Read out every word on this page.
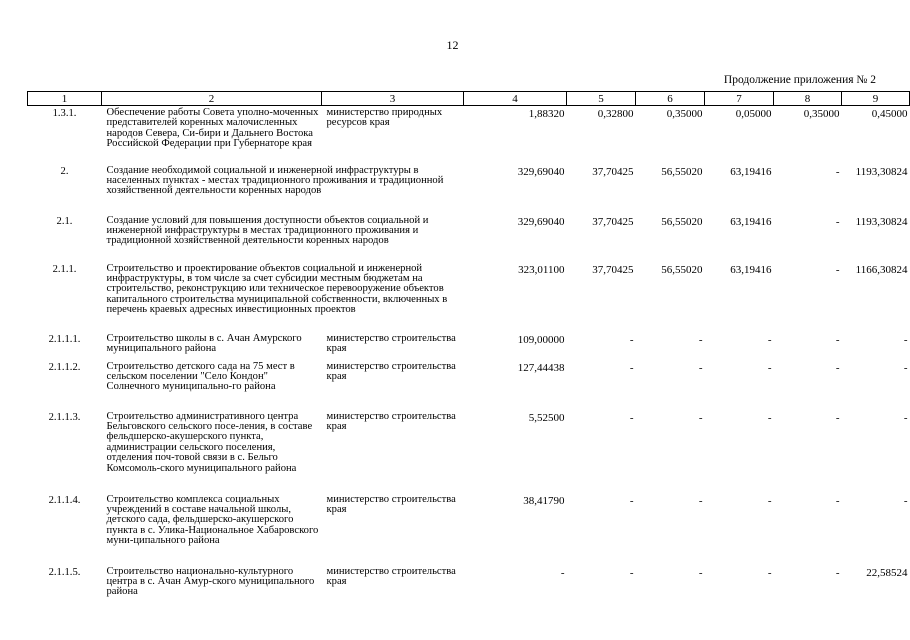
12
Продолжение приложения № 2
1	2	3	4	5	6	7	8	9
1.3.1.	Обеспечение работы Совета уполно-моченных представителей коренных малочисленных народов Севера, Си-бири и Дальнего Востока Российской Федерации при Губернаторе края	министерство природных ресурсов края	1,88320	0,32800	0,35000	0,05000	0,35000	0,45000
2.	Создание необходимой социальной и инженерной инфраструктуры в населенных пунктах - местах традиционного проживания и традиционной хозяйственной деятельности коренных народов		329,69040	37,70425	56,55020	63,19416	-	1193,30824
2.1.	Создание условий для повышения доступности объектов социальной и инженерной инфраструктуры в местах традиционного проживания и традиционной хозяйственной деятельности коренных народов		329,69040	37,70425	56,55020	63,19416	-	1193,30824
2.1.1.	Строительство и проектирование объектов социальной и инженерной инфраструктуры, в том числе за счет субсидии местным бюджетам на строительство, реконструкцию или техническое перевооружение объектов капитального строительства муниципальной собственности, включенных в перечень краевых адресных инвестиционных проектов		323,01100	37,70425	56,55020	63,19416	-	1166,30824
2.1.1.1.	Строительство школы в с. Ачан Амурского муниципального района	министерство строительства края	109,00000	-	-	-	-	-
2.1.1.2.	Строительство детского сада на 75 мест в сельском поселении "Село Кондон" Солнечного муниципально-го района	министерство строительства края	127,44438	-	-	-	-	-
2.1.1.3.	Строительство административного центра Бельговского сельского посе-ления, в составе фельдшерско-акушерского пункта, администрации сельского поселения, отделения поч-товой связи в с. Бельго Комсомоль-ского муниципального района	министерство строительства края	5,52500	-	-	-	-	-
2.1.1.4.	Строительство комплекса социальных учреждений в составе начальной школы, детского сада, фельдшерско-акушерского пункта в с. Улика-Национальное Хабаровского муни-ципального района	министерство строительства края	38,41790	-	-	-	-	-
2.1.1.5.	Строительство национально-культурного центра в с. Ачан Амур-ского муниципального района	министерство строительства края	-	-	-	-	-	22,58524
